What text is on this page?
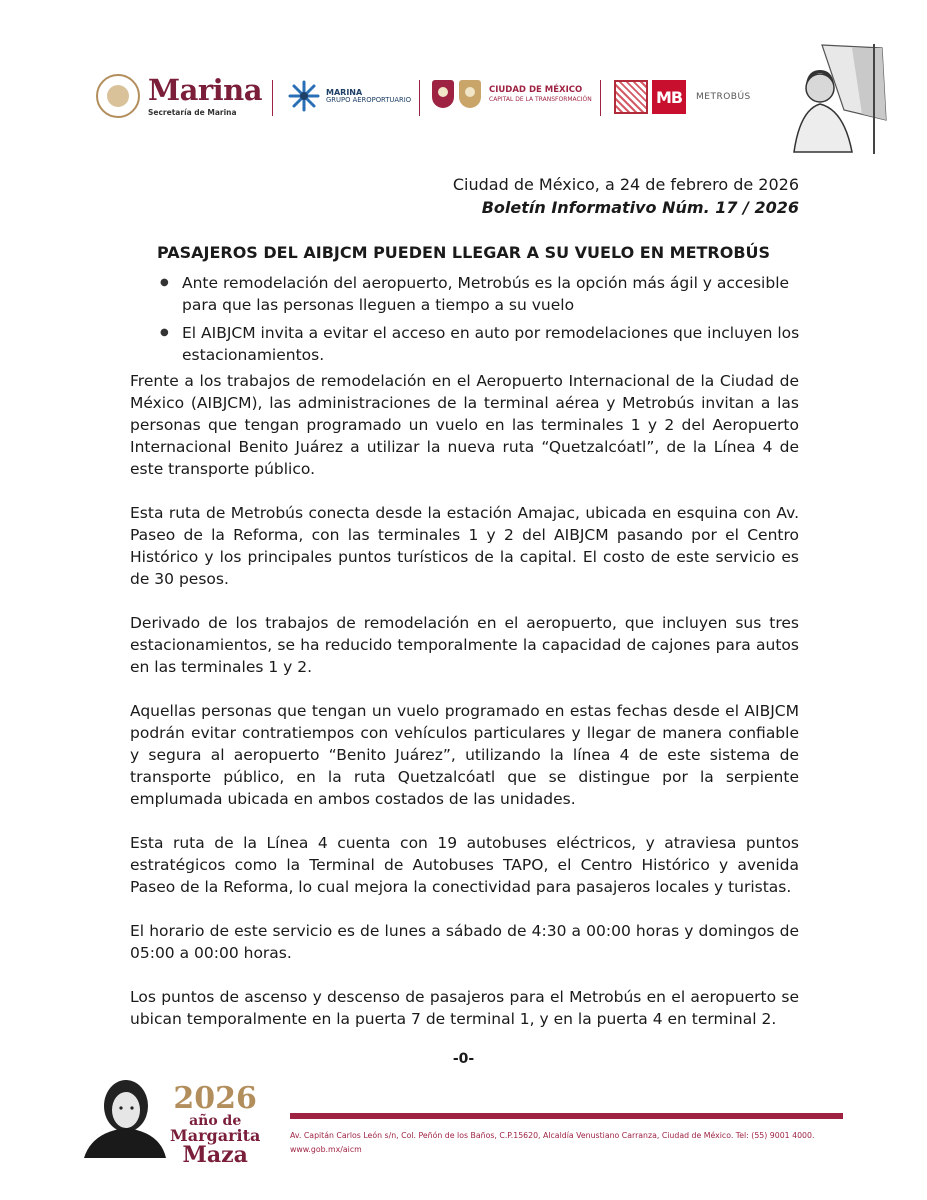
Marina
Secretaría de Marina
MARINA
GRUPO AEROPORTUARIO
CIUDAD DE MÉXICO
CAPITAL DE LA TRANSFORMACIÓN	MB	METROBÚS
Ciudad de México, a 24 de febrero de 2026
Boletín Informativo Núm. 17 / 2026
PASAJEROS DEL AIBJCM PUEDEN LLEGAR A SU VUELO EN METROBÚS
● Ante remodelación del aeropuerto, Metrobús es la opción más ágil y accesible para que las personas lleguen a tiempo a su vuelo
● El AIBJCM invita a evitar el acceso en auto por remodelaciones que incluyen los estacionamientos.

Frente a los trabajos de remodelación en el Aeropuerto Internacional de la Ciudad de México (AIBJCM), las administraciones de la terminal aérea y Metrobús invitan a las personas que tengan programado un vuelo en las terminales 1 y 2 del Aeropuerto Internacional Benito Juárez a utilizar la nueva ruta “Quetzalcóatl”, de la Línea 4 de este transporte público.

Esta ruta de Metrobús conecta desde la estación Amajac, ubicada en esquina con Av. Paseo de la Reforma, con las terminales 1 y 2 del AIBJCM pasando por el Centro Histórico y los principales puntos turísticos de la capital. El costo de este servicio es de 30 pesos.

Derivado de los trabajos de remodelación en el aeropuerto, que incluyen sus tres estacionamientos, se ha reducido temporalmente la capacidad de cajones para autos en las terminales 1 y 2.

Aquellas personas que tengan un vuelo programado en estas fechas desde el AIBJCM podrán evitar contratiempos con vehículos particulares y llegar de manera confiable y segura al aeropuerto “Benito Juárez”, utilizando la línea 4 de este sistema de transporte público, en la ruta Quetzalcóatl que se distingue por la serpiente emplumada ubicada en ambos costados de las unidades.

Esta ruta de la Línea 4 cuenta con 19 autobuses eléctricos, y atraviesa puntos estratégicos como la Terminal de Autobuses TAPO, el Centro Histórico y avenida Paseo de la Reforma, lo cual mejora la conectividad para pasajeros locales y turistas.

El horario de este servicio es de lunes a sábado de 4:30 a 00:00 horas y domingos de 05:00 a 00:00 horas.

Los puntos de ascenso y descenso de pasajeros para el Metrobús en el aeropuerto se ubican temporalmente en la puerta 7 de terminal 1, y en la puerta 4 en terminal 2.

-0-
2026
año de
Margarita
Maza
Av. Capitán Carlos León s/n, Col. Peñón de los Baños, C.P.15620, Alcaldía Venustiano Carranza, Ciudad de México. Tel: (55) 9001 4000.
www.gob.mx/aicm
